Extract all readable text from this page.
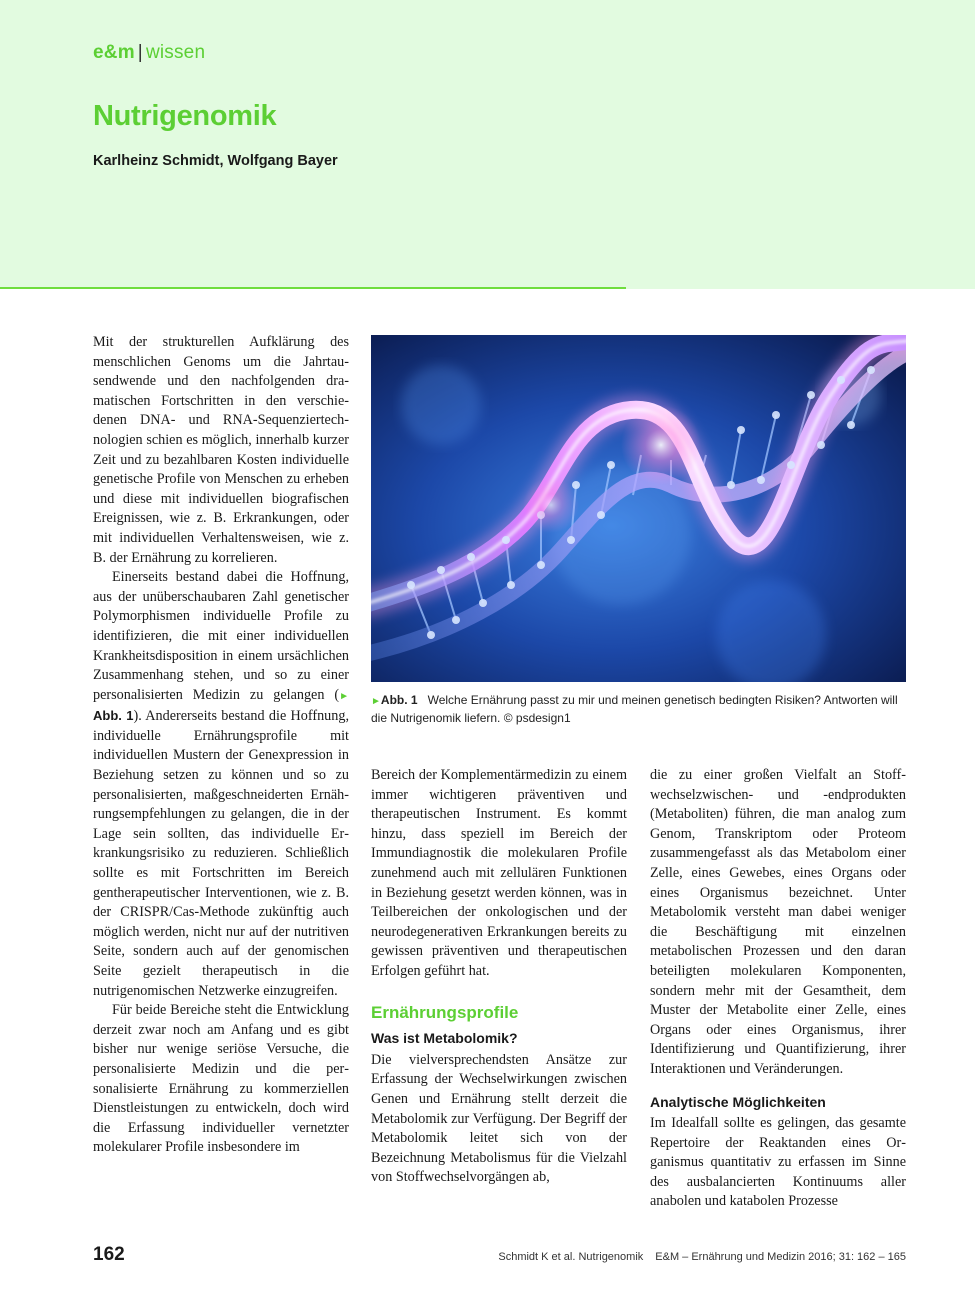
e&m | wissen
Nutrigenomik
Karlheinz Schmidt, Wolfgang Bayer

Mit der strukturellen Aufklärung des menschlichen Genoms um die Jahrtausendwende und den nachfolgenden dramatischen Fortschritten in den verschiedenen DNA- und RNA-Sequenziertechnologien schien es möglich, innerhalb kurzer Zeit und zu bezahlbaren Kosten individuelle genetische Profile von Menschen zu erheben und diese mit individuellen biografischen Ereignissen, wie z. B. Erkrankungen, oder mit individuellen Verhaltensweisen, wie z. B. der Ernährung zu korrelieren.

Einerseits bestand dabei die Hoffnung, aus der unüberschaubaren Zahl genetischer Polymorphismen individuelle Profile zu identifizieren, die mit einer individuellen Krankheitsdisposition in einem ursächlichen Zusammenhang stehen, und so zu einer personalisierten Medizin zu gelangen (► Abb. 1). Andererseits bestand die Hoffnung, individuelle Ernährungsprofile mit individuellen Mustern der Genexpression in Beziehung setzen zu können und so zu personalisierten, maßgeschneiderten Ernährungsempfehlungen zu gelangen, die in der Lage sein sollten, das individuelle Erkrankungsrisiko zu reduzieren. Schließlich sollte es mit Fortschritten im Bereich gentherapeutischer Interventionen, wie z. B. der CRISPR/Cas-Methode zukünftig auch möglich werden, nicht nur auf der nutritiven Seite, sondern auch auf der genomischen Seite gezielt therapeutisch in die nutrigenomischen Netzwerke einzugreifen.

Für beide Bereiche steht die Entwicklung derzeit zwar noch am Anfang und es gibt bisher nur wenige seriöse Versuche, die personalisierte Medizin und die personalisierte Ernährung zu kommerziellen Dienstleistungen zu entwickeln, doch wird die Erfassung individueller vernetzter molekularer Profile insbesondere im

►Abb. 1 Welche Ernährung passt zu mir und meinen genetisch bedingten Risiken? Antworten will die Nutrigenomik liefern. © psdesign1

Bereich der Komplementärmedizin zu einem immer wichtigeren präventiven und therapeutischen Instrument. Es kommt hinzu, dass speziell im Bereich der Immundiagnostik die molekularen Profile zunehmend auch mit zellulären Funktionen in Beziehung gesetzt werden können, was in Teilbereichen der onkologischen und der neurodegenerativen Erkrankungen bereits zu gewissen präventiven und therapeutischen Erfolgen geführt hat.

Ernährungsprofile
Was ist Metabolomik?

Die vielversprechendsten Ansätze zur Erfassung der Wechselwirkungen zwischen Genen und Ernährung stellt derzeit die Metabolomik zur Verfügung. Der Begriff der Metabolomik leitet sich von der Bezeichnung Metabolismus für die Vielzahl von Stoffwechselvorgängen ab,

die zu einer großen Vielfalt an Stoffwechselzwischen- und -endprodukten (Metaboliten) führen, die man analog zum Genom, Transkriptom oder Proteom zusammengefasst als das Metabolom einer Zelle, eines Gewebes, eines Organs oder eines Organismus bezeichnet. Unter Metabolomik versteht man dabei weniger die Beschäftigung mit einzelnen metabolischen Prozessen und den daran beteiligten molekularen Komponenten, sondern mehr mit der Gesamtheit, dem Muster der Metabolite einer Zelle, eines Organs oder eines Organismus, ihrer Identifizierung und Quantifizierung, ihrer Interaktionen und Veränderungen.

Analytische Möglichkeiten

Im Idealfall sollte es gelingen, das gesamte Repertoire der Reaktanden eines Organismus quantitativ zu erfassen im Sinne des ausbalancierten Kontinuums aller anabolen und katabolen Prozesse

162	Schmidt K et al. Nutrigenomik E&M – Ernährung und Medizin 2016; 31: 162 – 165
